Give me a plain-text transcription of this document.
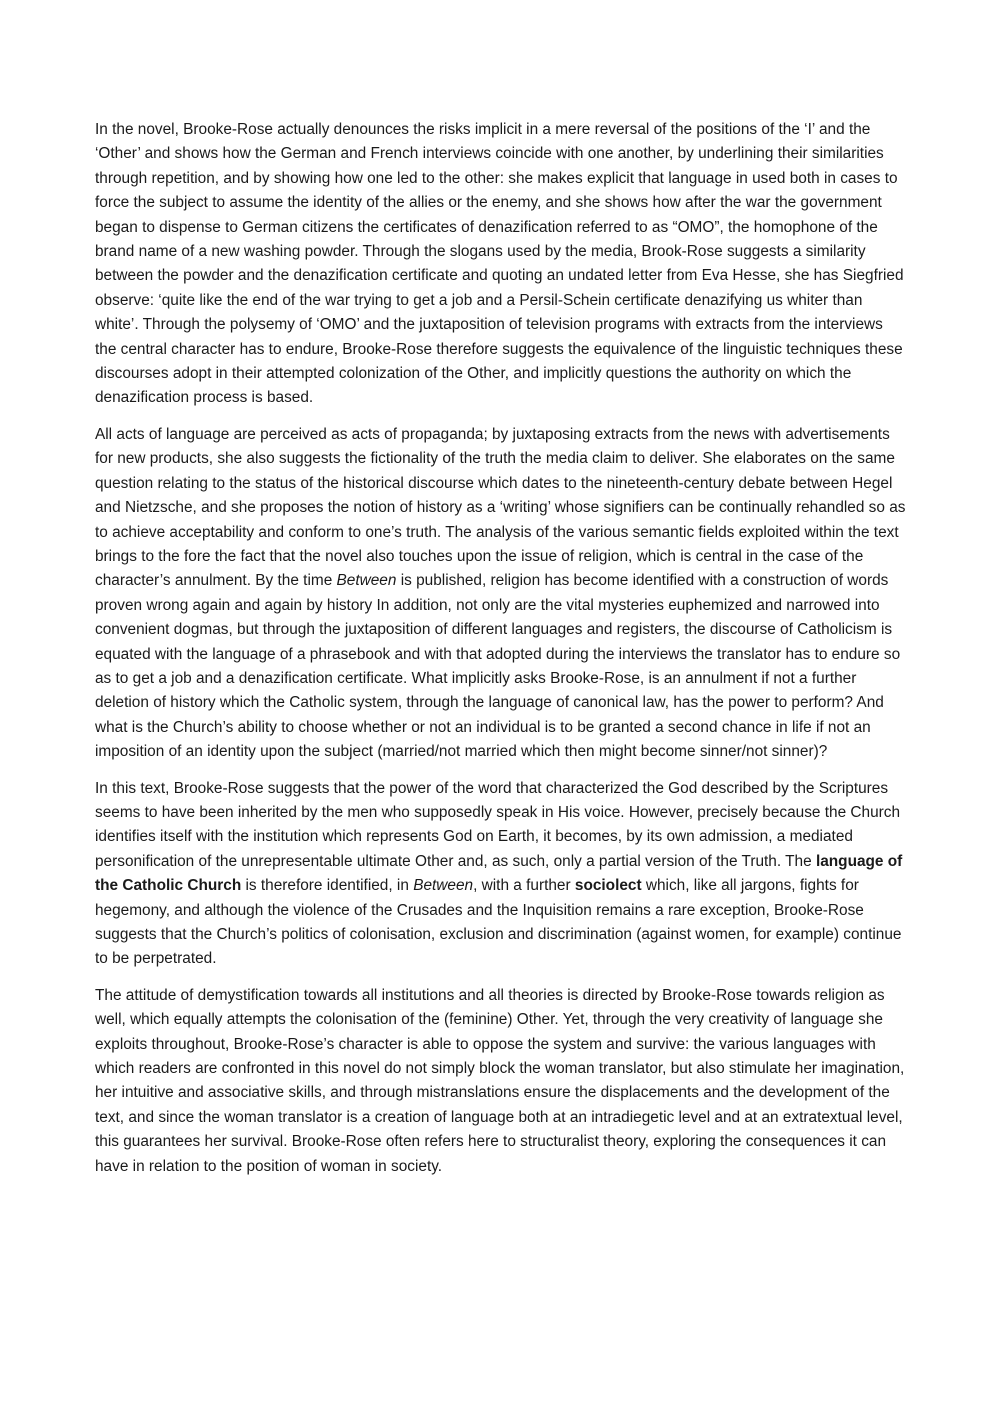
In the novel, Brooke-Rose actually denounces the risks implicit in a mere reversal of the positions of the ‘I’ and the ‘Other’ and shows how the German and French interviews coincide with one another, by underlining their similarities through repetition, and by showing how one led to the other: she makes explicit that language in used both in cases to force the subject to assume the identity of the allies or the enemy, and she shows how after the war the government began to dispense to German citizens the certificates of denazification referred to as “OMO”, the homophone of the brand name of a new washing powder. Through the slogans used by the media, Brook-Rose suggests a similarity between the powder and the denazification certificate and quoting an undated letter from Eva Hesse, she has Siegfried observe: ‘quite like the end of the war trying to get a job and a Persil-Schein certificate denazifying us whiter than white’. Through the polysemy of ‘OMO’ and the juxtaposition of television programs with extracts from the interviews the central character has to endure, Brooke-Rose therefore suggests the equivalence of the linguistic techniques these discourses adopt in their attempted colonization of the Other, and implicitly questions the authority on which the denazification process is based.

All acts of language are perceived as acts of propaganda; by juxtaposing extracts from the news with advertisements for new products, she also suggests the fictionality of the truth the media claim to deliver. She elaborates on the same question relating to the status of the historical discourse which dates to the nineteenth-century debate between Hegel and Nietzsche, and she proposes the notion of history as a ‘writing’ whose signifiers can be continually rehandled so as to achieve acceptability and conform to one’s truth. The analysis of the various semantic fields exploited within the text brings to the fore the fact that the novel also touches upon the issue of religion, which is central in the case of the character’s annulment. By the time Between is published, religion has become identified with a construction of words proven wrong again and again by history In addition, not only are the vital mysteries euphemized and narrowed into convenient dogmas, but through the juxtaposition of different languages and registers, the discourse of Catholicism is equated with the language of a phrasebook and with that adopted during the interviews the translator has to endure so as to get a job and a denazification certificate. What implicitly asks Brooke-Rose, is an annulment if not a further deletion of history which the Catholic system, through the language of canonical law, has the power to perform? And what is the Church’s ability to choose whether or not an individual is to be granted a second chance in life if not an imposition of an identity upon the subject (married/not married which then might become sinner/not sinner)?

In this text, Brooke-Rose suggests that the power of the word that characterized the God described by the Scriptures seems to have been inherited by the men who supposedly speak in His voice. However, precisely because the Church identifies itself with the institution which represents God on Earth, it becomes, by its own admission, a mediated personification of the unrepresentable ultimate Other and, as such, only a partial version of the Truth. The language of the Catholic Church is therefore identified, in Between, with a further sociolect which, like all jargons, fights for hegemony, and although the violence of the Crusades and the Inquisition remains a rare exception, Brooke-Rose suggests that the Church’s politics of colonisation, exclusion and discrimination (against women, for example) continue to be perpetrated.

The attitude of demystification towards all institutions and all theories is directed by Brooke-Rose towards religion as well, which equally attempts the colonisation of the (feminine) Other. Yet, through the very creativity of language she exploits throughout, Brooke-Rose’s character is able to oppose the system and survive: the various languages with which readers are confronted in this novel do not simply block the woman translator, but also stimulate her imagination, her intuitive and associative skills, and through mistranslations ensure the displacements and the development of the text, and since the woman translator is a creation of language both at an intradiegetic level and at an extratextual level, this guarantees her survival. Brooke-Rose often refers here to structuralist theory, exploring the consequences it can have in relation to the position of woman in society.
